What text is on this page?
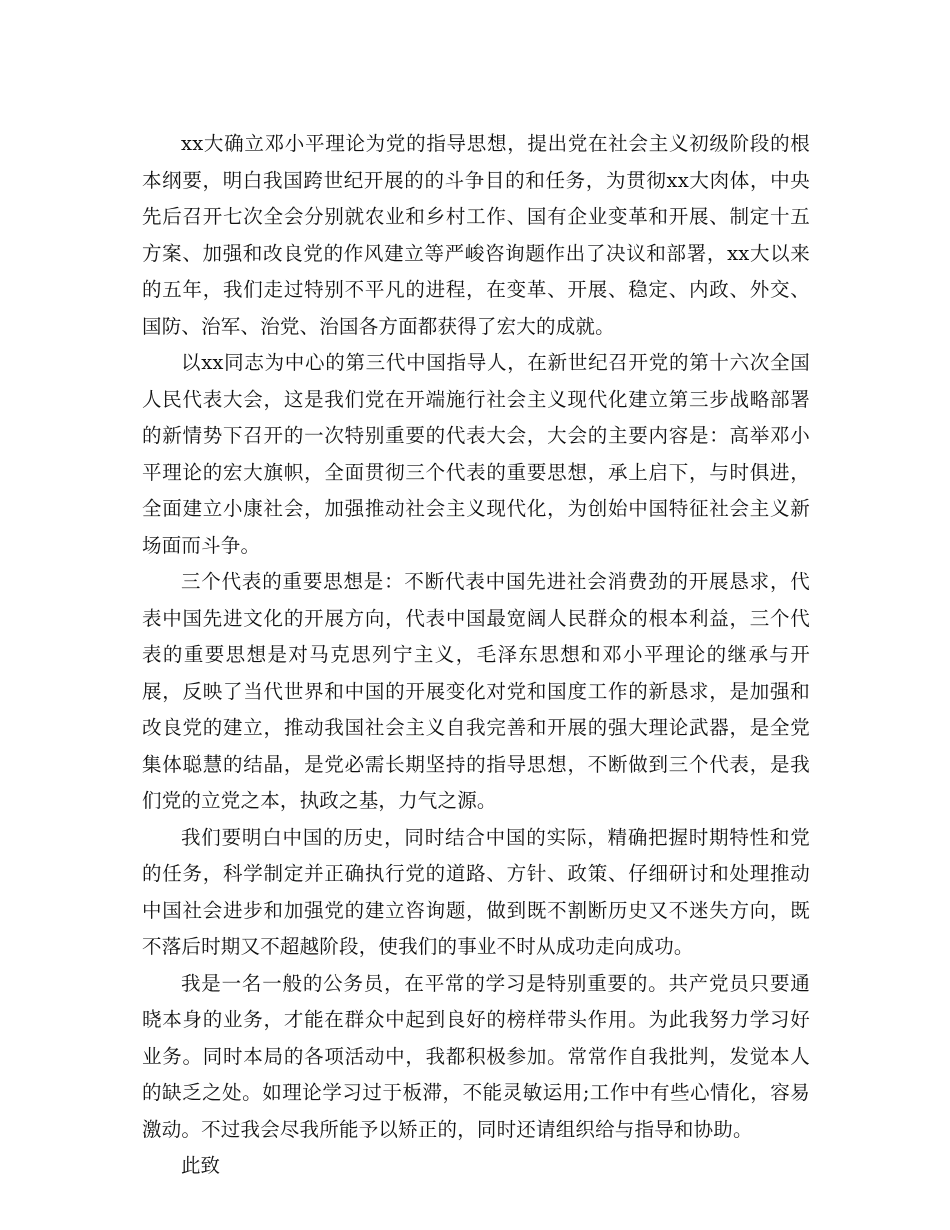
xx大确立邓小平理论为党的指导思想，提出党在社会主义初级阶段的根本纲要，明白我国跨世纪开展的的斗争目的和任务，为贯彻xx大肉体，中央先后召开七次全会分别就农业和乡村工作、国有企业变革和开展、制定十五方案、加强和改良党的作风建立等严峻咨询题作出了决议和部署，xx大以来的五年，我们走过特别不平凡的进程，在变革、开展、稳定、内政、外交、国防、治军、治党、治国各方面都获得了宏大的成就。

以xx同志为中心的第三代中国指导人，在新世纪召开党的第十六次全国人民代表大会，这是我们党在开端施行社会主义现代化建立第三步战略部署的新情势下召开的一次特别重要的代表大会，大会的主要内容是：高举邓小平理论的宏大旗帜，全面贯彻三个代表的重要思想，承上启下，与时俱进，全面建立小康社会，加强推动社会主义现代化，为创始中国特征社会主义新场面而斗争。

三个代表的重要思想是：不断代表中国先进社会消费劲的开展恳求，代表中国先进文化的开展方向，代表中国最宽阔人民群众的根本利益，三个代表的重要思想是对马克思列宁主义，毛泽东思想和邓小平理论的继承与开展，反映了当代世界和中国的开展变化对党和国度工作的新恳求，是加强和改良党的建立，推动我国社会主义自我完善和开展的强大理论武器，是全党集体聪慧的结晶，是党必需长期坚持的指导思想，不断做到三个代表，是我们党的立党之本，执政之基，力气之源。

我们要明白中国的历史，同时结合中国的实际，精确把握时期特性和党的任务，科学制定并正确执行党的道路、方针、政策、仔细研讨和处理推动中国社会进步和加强党的建立咨询题，做到既不割断历史又不迷失方向，既不落后时期又不超越阶段，使我们的事业不时从成功走向成功。

我是一名一般的公务员，在平常的学习是特别重要的。共产党员只要通晓本身的业务，才能在群众中起到良好的榜样带头作用。为此我努力学习好业务。同时本局的各项活动中，我都积极参加。常常作自我批判，发觉本人的缺乏之处。如理论学习过于板滞，不能灵敏运用;工作中有些心情化，容易激动。不过我会尽我所能予以矫正的，同时还请组织给与指导和协助。

此致
